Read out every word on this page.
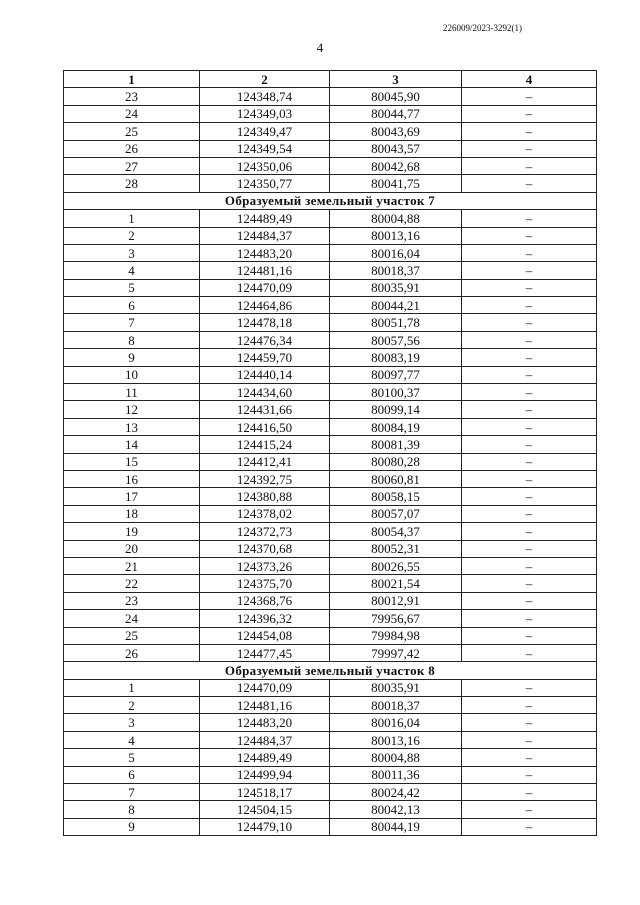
226009/2023-3292(1)
4
1	2	3	4
23	124348,74	80045,90	–
24	124349,03	80044,77	–
25	124349,47	80043,69	–
26	124349,54	80043,57	–
27	124350,06	80042,68	–
28	124350,77	80041,75	–
Образуемый земельный участок 7			
1	124489,49	80004,88	–
2	124484,37	80013,16	–
3	124483,20	80016,04	–
4	124481,16	80018,37	–
5	124470,09	80035,91	–
6	124464,86	80044,21	–
7	124478,18	80051,78	–
8	124476,34	80057,56	–
9	124459,70	80083,19	–
10	124440,14	80097,77	–
11	124434,60	80100,37	–
12	124431,66	80099,14	–
13	124416,50	80084,19	–
14	124415,24	80081,39	–
15	124412,41	80080,28	–
16	124392,75	80060,81	–
17	124380,88	80058,15	–
18	124378,02	80057,07	–
19	124372,73	80054,37	–
20	124370,68	80052,31	–
21	124373,26	80026,55	–
22	124375,70	80021,54	–
23	124368,76	80012,91	–
24	124396,32	79956,67	–
25	124454,08	79984,98	–
26	124477,45	79997,42	–
Образуемый земельный участок 8			
1	124470,09	80035,91	–
2	124481,16	80018,37	–
3	124483,20	80016,04	–
4	124484,37	80013,16	–
5	124489,49	80004,88	–
6	124499,94	80011,36	–
7	124518,17	80024,42	–
8	124504,15	80042,13	–
9	124479,10	80044,19	–
